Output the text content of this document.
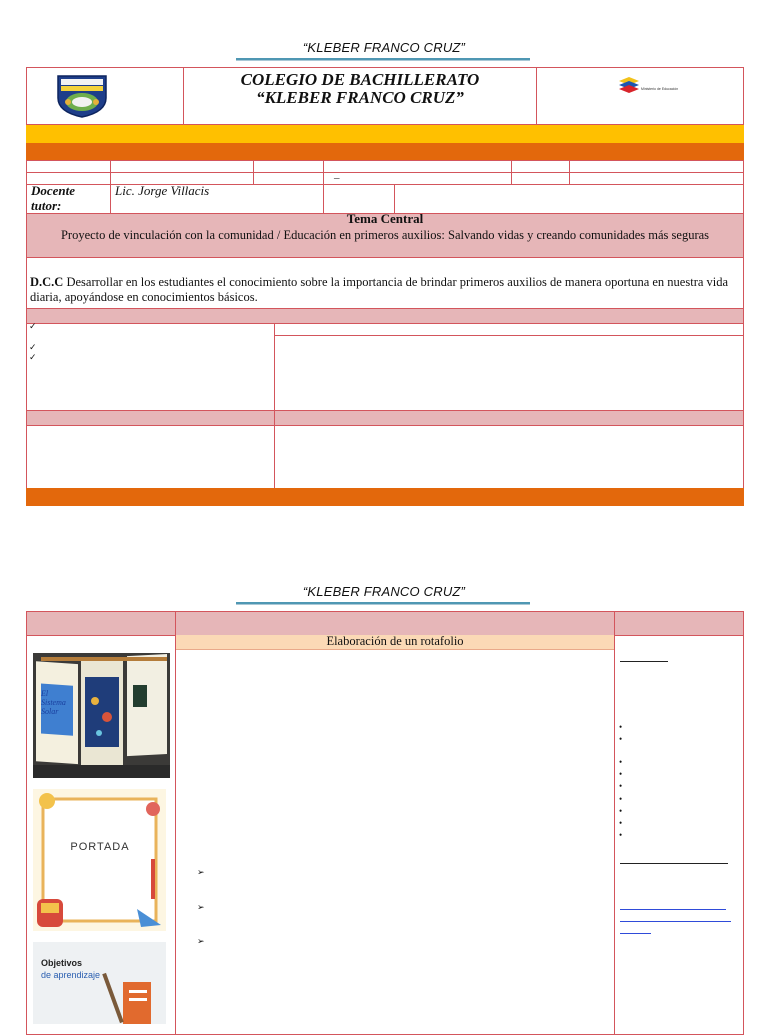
“KLEBER FRANCO CRUZ”
COLEGIO DE BACHILLERATO
“KLEBER FRANCO CRUZ”	Ministerio de Educación
_
Docente tutor:
Lic. Jorge Villacis
Tema Central
Proyecto de vinculación con la comunidad / Educación en primeros auxilios: Salvando vidas y creando comunidades más seguras
D.C.C Desarrollar en los estudiantes el conocimiento sobre la importancia de brindar primeros auxilios de manera oportuna en nuestra vida diaria, apoyándose en conocimientos básicos.
✓
✓
✓
“KLEBER FRANCO CRUZ”
Elaboración de un rotafolio
El Sistema Solar
PORTADA
Objetivos
de aprendizaje
➢
➢
➢
•
•
•
•
•
•
•
•
•
